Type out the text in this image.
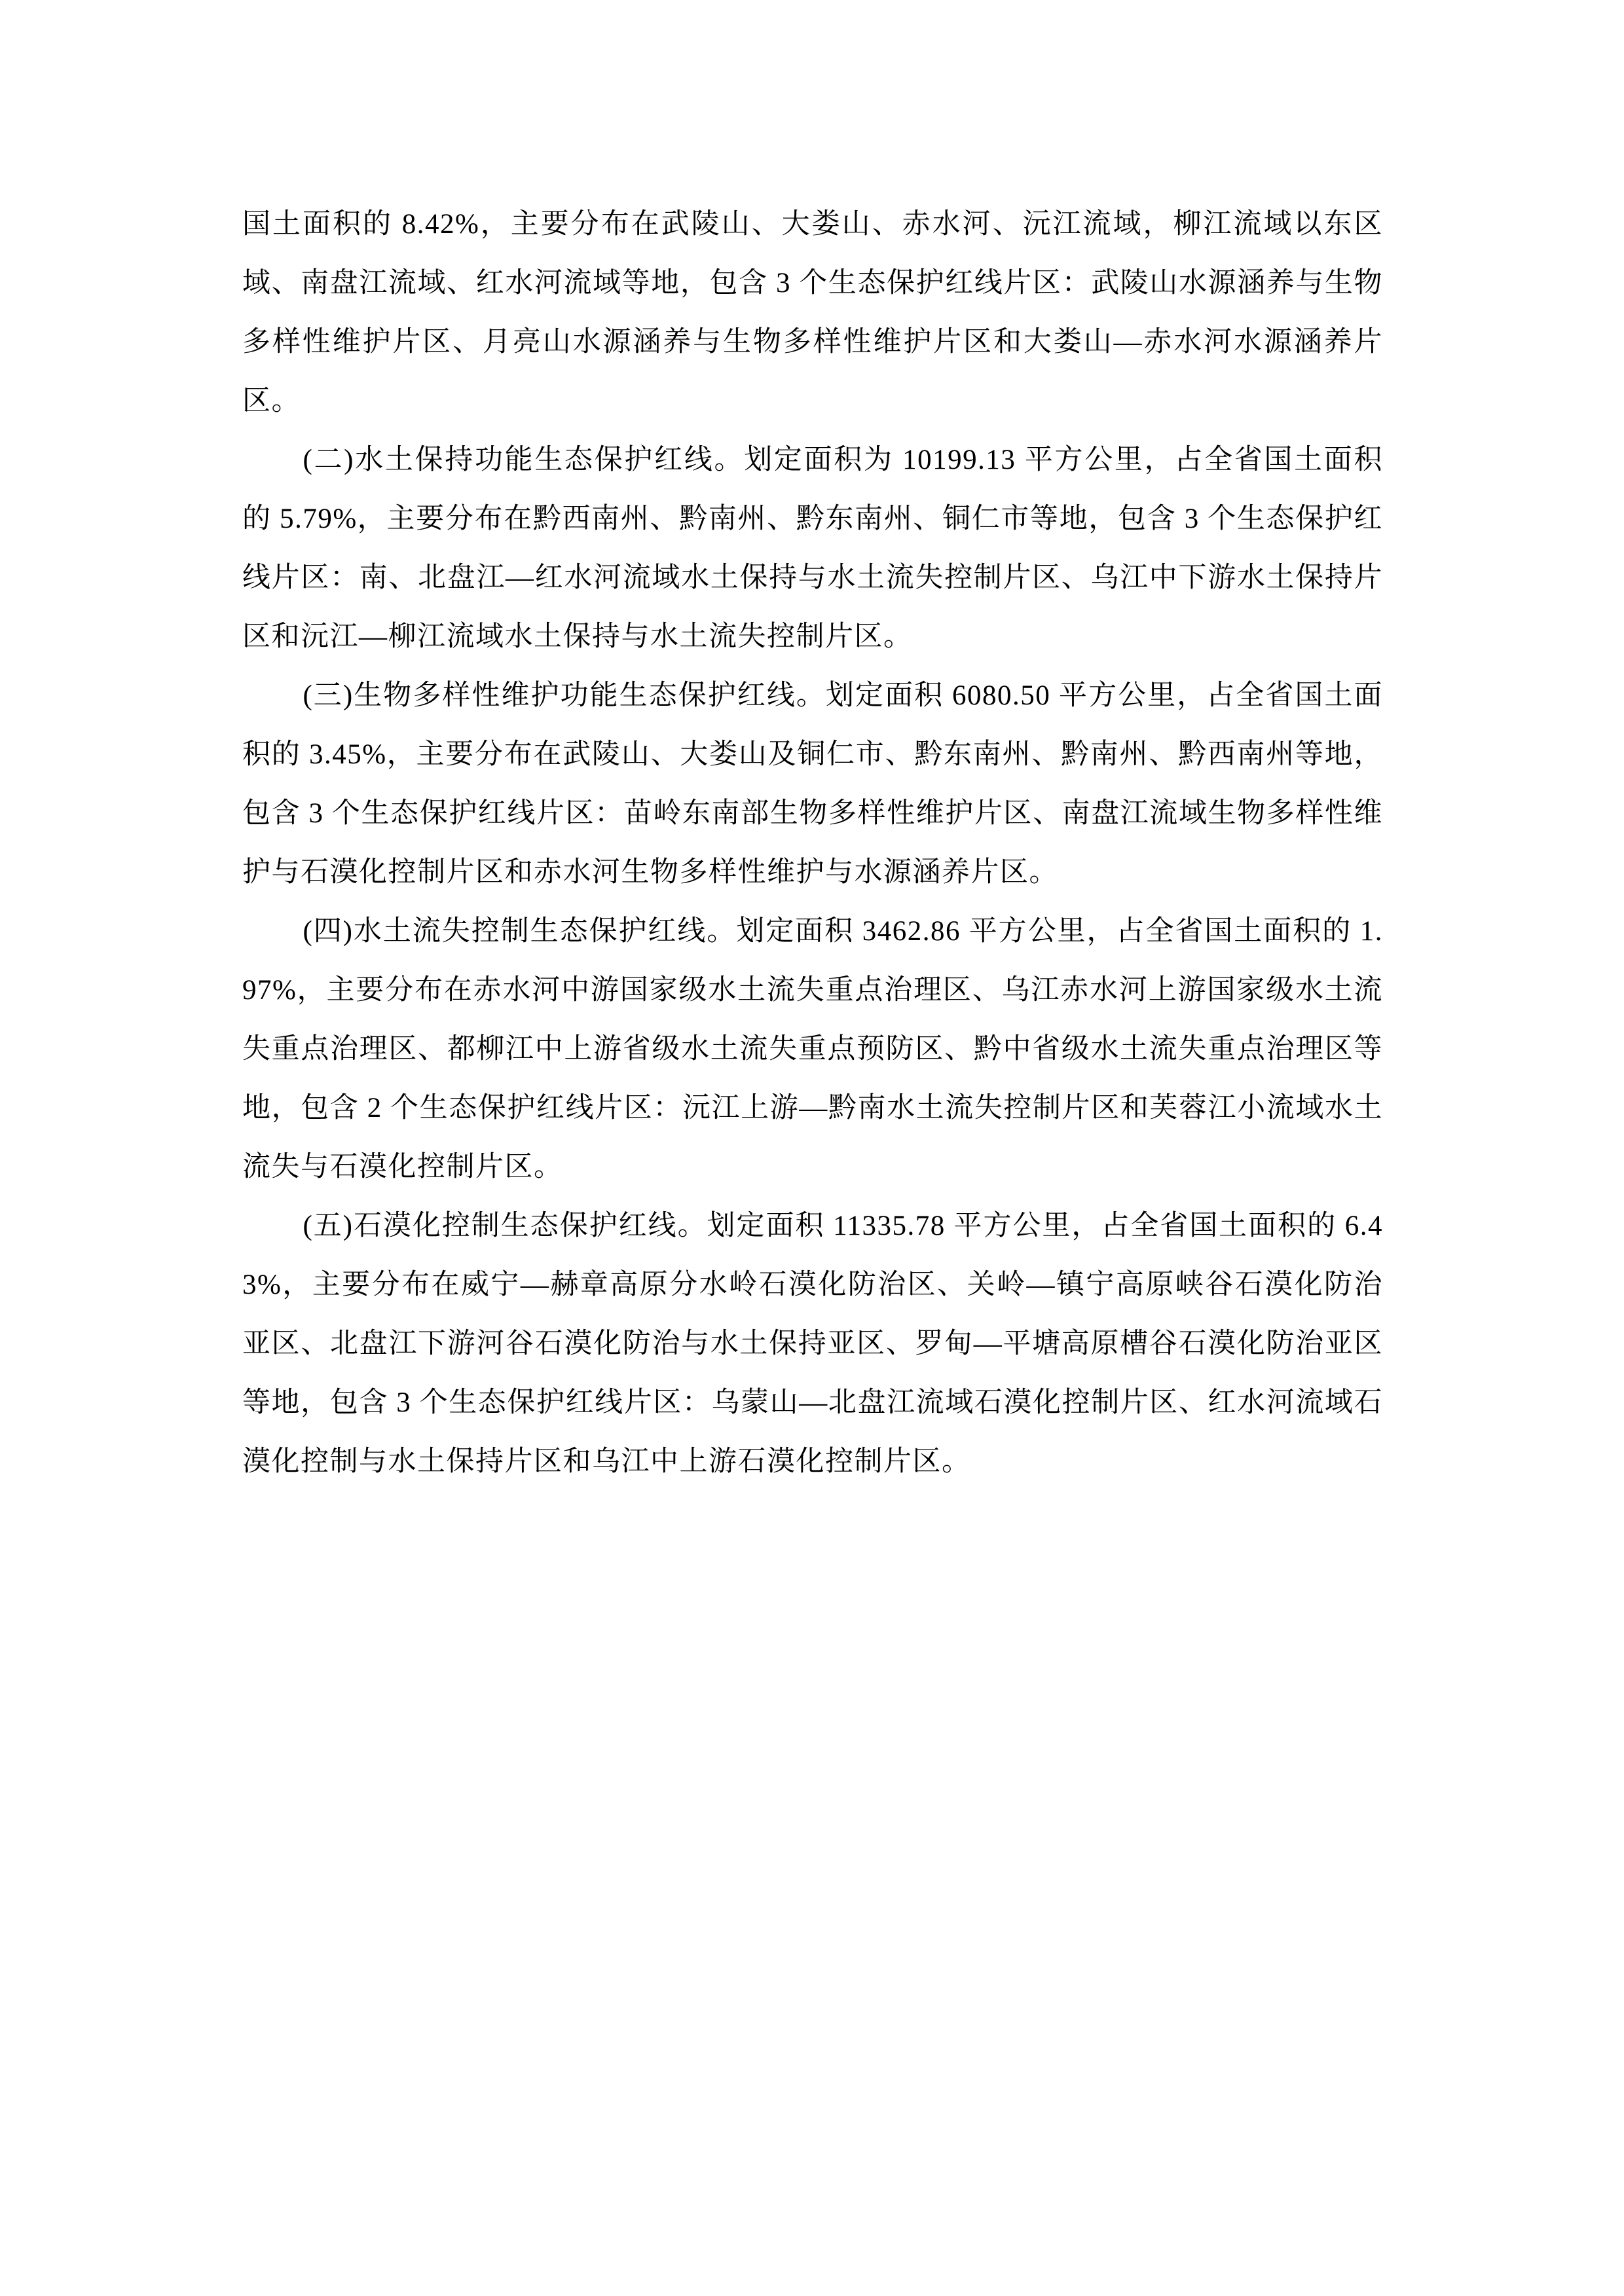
国土面积的 8.42%，主要分布在武陵山、大娄山、赤水河、沅江流域，柳江流域以东区域、南盘江流域、红水河流域等地，包含 3 个生态保护红线片区：武陵山水源涵养与生物多样性维护片区、月亮山水源涵养与生物多样性维护片区和大娄山—赤水河水源涵养片区。

(二)水土保持功能生态保护红线。划定面积为 10199.13 平方公里，占全省国土面积的 5.79%，主要分布在黔西南州、黔南州、黔东南州、铜仁市等地，包含 3 个生态保护红线片区：南、北盘江—红水河流域水土保持与水土流失控制片区、乌江中下游水土保持片区和沅江—柳江流域水土保持与水土流失控制片区。

(三)生物多样性维护功能生态保护红线。划定面积 6080.50 平方公里，占全省国土面积的 3.45%，主要分布在武陵山、大娄山及铜仁市、黔东南州、黔南州、黔西南州等地，包含 3 个生态保护红线片区：苗岭东南部生物多样性维护片区、南盘江流域生物多样性维护与石漠化控制片区和赤水河生物多样性维护与水源涵养片区。

(四)水土流失控制生态保护红线。划定面积 3462.86 平方公里，占全省国土面积的 1.97%，主要分布在赤水河中游国家级水土流失重点治理区、乌江赤水河上游国家级水土流失重点治理区、都柳江中上游省级水土流失重点预防区、黔中省级水土流失重点治理区等地，包含 2 个生态保护红线片区：沅江上游—黔南水土流失控制片区和芙蓉江小流域水土流失与石漠化控制片区。

(五)石漠化控制生态保护红线。划定面积 11335.78 平方公里，占全省国土面积的 6.43%，主要分布在威宁—赫章高原分水岭石漠化防治区、关岭—镇宁高原峡谷石漠化防治亚区、北盘江下游河谷石漠化防治与水土保持亚区、罗甸—平塘高原槽谷石漠化防治亚区等地，包含 3 个生态保护红线片区：乌蒙山—北盘江流域石漠化控制片区、红水河流域石漠化控制与水土保持片区和乌江中上游石漠化控制片区。
